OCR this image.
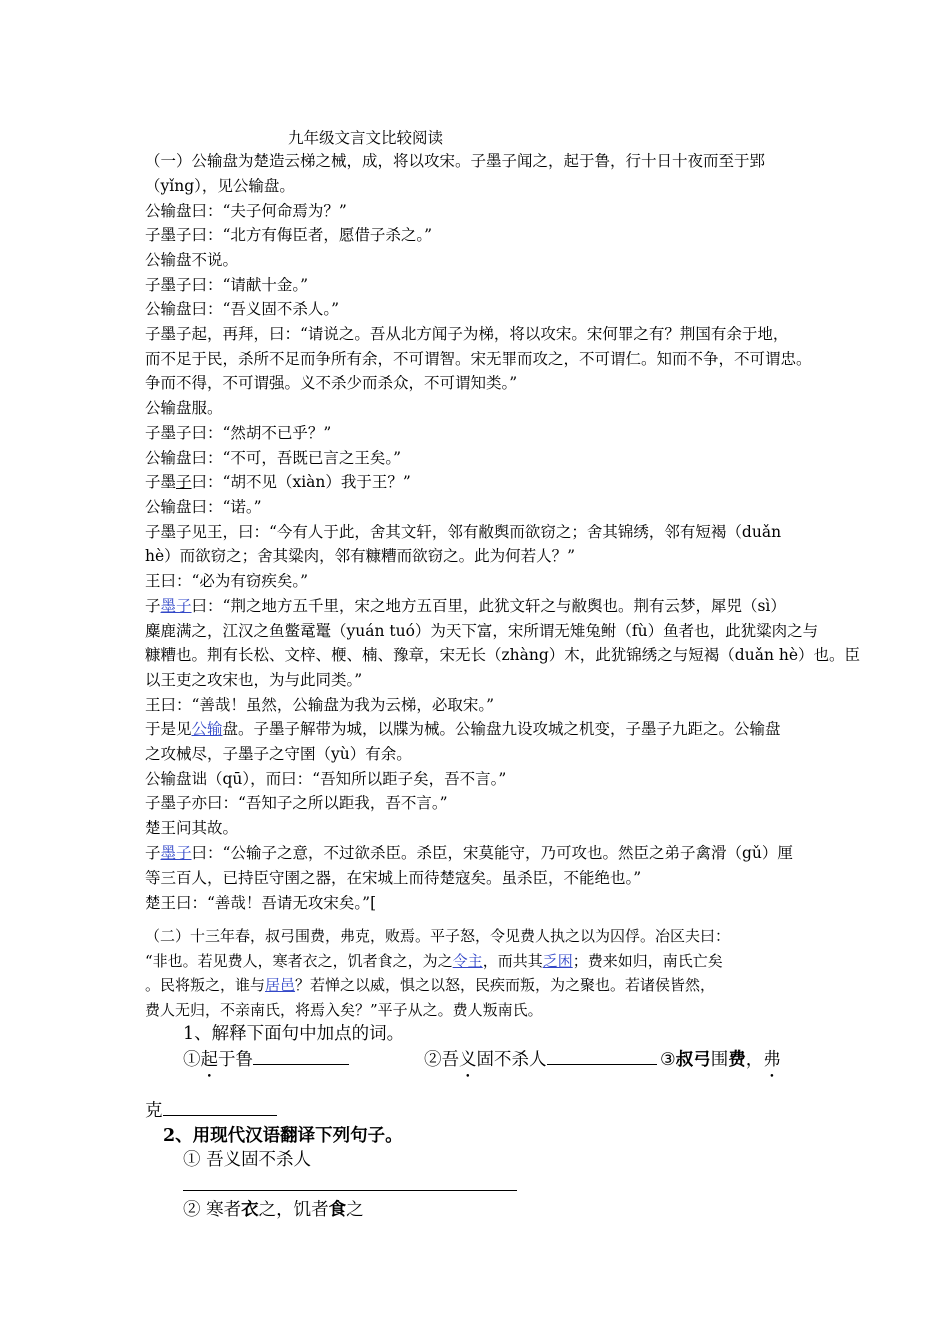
九年级文言文比较阅读
（一）公输盘为楚造云梯之械，成，将以攻宋。子墨子闻之，起于鲁，行十日十夜而至于郢
（yǐng），见公输盘。
公输盘曰：“夫子何命焉为？”
子墨子曰：“北方有侮臣者，愿借子杀之。”
公输盘不说。
子墨子曰：“请献十金。”
公输盘曰：“吾义固不杀人。”
子墨子起，再拜，曰：“请说之。吾从北方闻子为梯，将以攻宋。宋何罪之有？荆国有余于地，
而不足于民，杀所不足而争所有余，不可谓智。宋无罪而攻之，不可谓仁。知而不争，不可谓忠。
争而不得，不可谓强。义不杀少而杀众，不可谓知类。”
公输盘服。
子墨子曰：“然胡不已乎？”
公输盘曰：“不可，吾既已言之王矣。”
子墨子曰：“胡不见（xiàn）我于王？”
公输盘曰：“诺。”
子墨子见王，曰：“今有人于此，舍其文轩，邻有敝舆而欲窃之；舍其锦绣，邻有短褐（duǎn
hè）而欲窃之；舍其粱肉，邻有糠糟而欲窃之。此为何若人？”
王曰：“必为有窃疾矣。”
子墨子曰：“荆之地方五千里，宋之地方五百里，此犹文轩之与敝舆也。荆有云梦，犀兕（sì）
麋鹿满之，江汉之鱼鳖鼋鼍（yuán tuó）为天下富，宋所谓无雉兔鲋（fù）鱼者也，此犹粱肉之与
糠糟也。荆有长松、文梓、楩、楠、豫章，宋无长（zhàng）木，此犹锦绣之与短褐（duǎn hè）也。臣
以王吏之攻宋也，为与此同类。”
王曰：“善哉！虽然，公输盘为我为云梯，必取宋。”
于是见公输盘。子墨子解带为城，以牒为械。公输盘九设攻城之机变，子墨子九距之。公输盘
之攻械尽，子墨子之守圉（yù）有余。
公输盘诎（qū），而曰：“吾知所以距子矣，吾不言。”
子墨子亦曰：“吾知子之所以距我，吾不言。”
楚王问其故。
子墨子曰：“公输子之意，不过欲杀臣。杀臣，宋莫能守，乃可攻也。然臣之弟子禽滑（gǔ）厘
等三百人，已持臣守圉之器，在宋城上而待楚寇矣。虽杀臣，不能绝也。”
楚王曰：“善哉！吾请无攻宋矣。”[
（二）十三年春，叔弓围费，弗克，败焉。平子怒，令见费人执之以为囚俘。冶区夫曰：
“非也。若见费人，寒者衣之，饥者食之，为之令主，而共其乏困；费来如归，南氏亡矣
。民将叛之，谁与居邑？若惮之以威，惧之以怒，民疾而叛，为之聚也。若诸侯皆然，
费人无归，不亲南氏，将焉入矣？”平子从之。费人叛南氏。
1、解释下面句中加点的词。
①起于鲁	②吾义固不杀人	③叔弓围费，弗
克
2、用现代汉语翻译下列句子。
① 吾义固不杀人
② 寒者衣之，饥者食之
